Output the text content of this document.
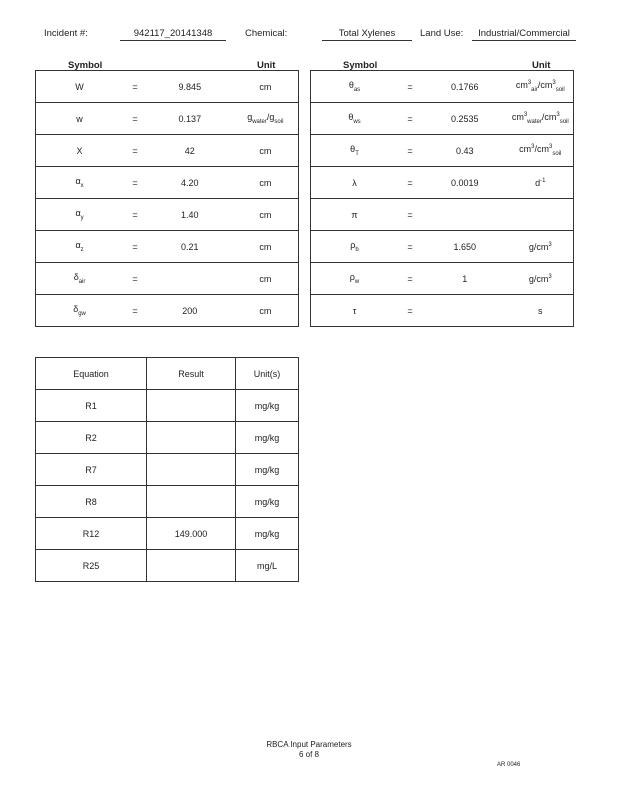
Incident #:	942117_20141348	Chemical:	Total Xylenes	Land Use:	Industrial/Commercial
Symbol	Unit	Symbol	Unit
W	=	9.845	cm
w	=	0.137	$g_{water}/g_{soil}$
X	=	42	cm
$\alpha_x$	=	4.20	cm
$\alpha_y$	=	1.40	cm
$\alpha_z$	=	0.21	cm
$\delta_{air}$	=		cm
$\delta_{gw}$	=	200	cm
$\theta_{as}$	=	0.1766	$cm^3_{air}/cm^3_{soil}$
$\theta_{ws}$	=	0.2535	$cm^3_{water}/cm^3_{soil}$
$\theta_T$	=	0.43	$cm^3/cm^3_{soil}$
λ	=	0.0019	$d^{-1}$
π	=		
$\rho_b$	=	1.650	$g/cm^3$
$\rho_w$	=	1	$g/cm^3$
τ	=		s
Equation	Result	Unit(s)
R1		mg/kg
R2		mg/kg
R7		mg/kg
R8		mg/kg
R12	149.000	mg/kg
R25		mg/L
RBCA Input Parameters
6 of 8
AR 0046
